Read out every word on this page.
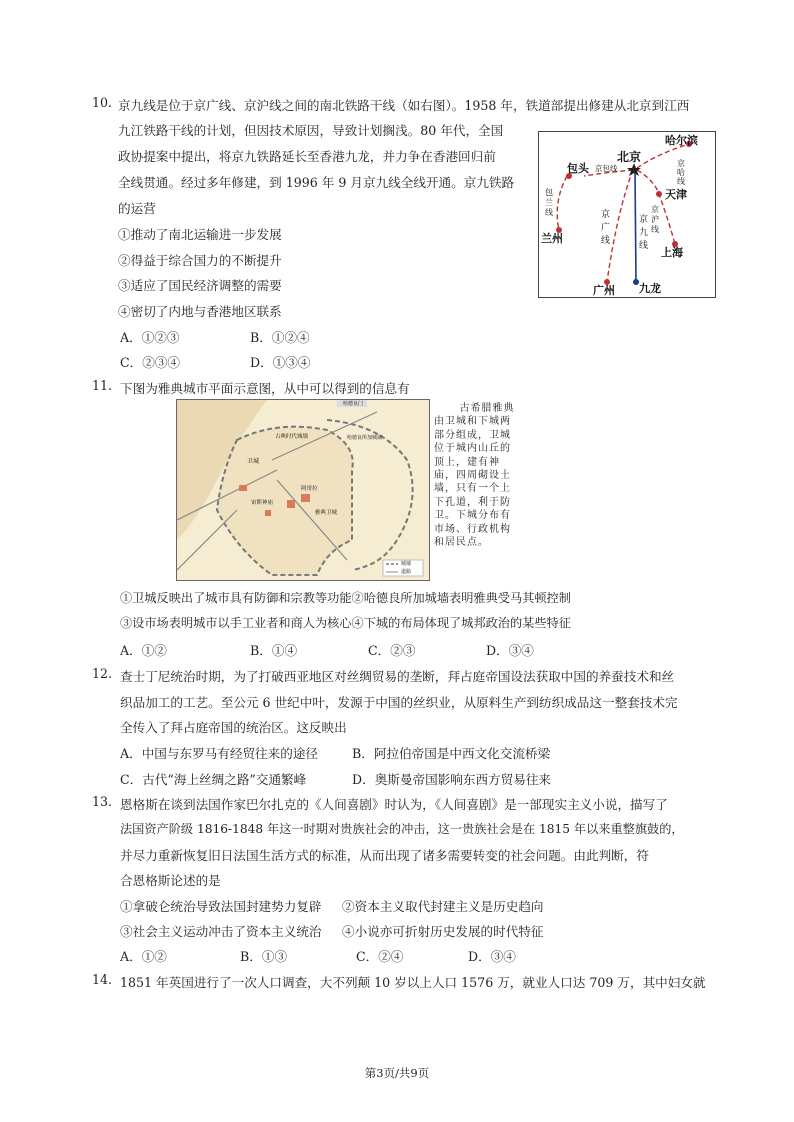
10. 京九线是位于京广线、京沪线之间的南北铁路干线（如右图）。1958 年，铁道部提出修建从北京到江西
九江铁路干线的计划，但因技术原因，导致计划搁浅。80 年代，全国
政协提案中提出，将京九铁路延长至香港九龙，并力争在香港回归前
全线贯通。经过多年修建，到 1996 年 9 月京九线全线开通。京九铁路
的运营
①推动了南北运输进一步发展
②得益于综合国力的不断提升
③适应了国民经济调整的需要
④密切了内地与香港地区联系
A．①②③	B．①②④
C．②③④	D．①③④
北京
哈尔滨
包头 京包线
天津
兰州
上海
广州 九龙
包
兰
线	京
广
线
京
九
线
京
沪
线
京
哈
线
11. 下图为雅典城市平面示意图，从中可以得到的信息有
哈德良门
古典时代城墙
卫城
宙斯神庙
哈德良所加城墙
阿哥拉
雅典卫城
城墙
道路
古希腊雅典
由卫城和下城两
部分组成，卫城
位于城内山丘的
顶上，建有神
庙，四周砌设土
墙，只有一个上
下孔道，利于防
卫。下城分布有
市场、行政机构
和居民点。
①卫城反映出了城市具有防御和宗教等功能②哈德良所加城墙表明雅典受马其顿控制
③设市场表明城市以手工业者和商人为核心④下城的布局体现了城邦政治的某些特征
A．①②	B．①④	C．②③	D．③④
12. 查士丁尼统治时期，为了打破西亚地区对丝绸贸易的垄断，拜占庭帝国设法获取中国的养蚕技术和丝
织品加工的工艺。至公元 6 世纪中叶，发源于中国的丝织业，从原料生产到纺织成品这一整套技术完
全传入了拜占庭帝国的统治区。这反映出
A．中国与东罗马有经贸往来的途径	B．阿拉伯帝国是中西文化交流桥梁
C．古代“海上丝绸之路”交通繁峰	D．奥斯曼帝国影响东西方贸易往来
13. 恩格斯在谈到法国作家巴尔扎克的《人间喜剧》时认为，《人间喜剧》是一部现实主义小说，描写了
法国资产阶级 1816-1848 年这一时期对贵族社会的冲击，这一贵族社会是在 1815 年以来重整旗鼓的，
并尽力重新恢复旧日法国生活方式的标准，从而出现了诸多需要转变的社会问题。由此判断，符
合恩格斯论述的是
①拿破仑统治导致法国封建势力复辟 ②资本主义取代封建主义是历史趋向
③社会主义运动冲击了资本主义统治 ④小说亦可折射历史发展的时代特征
A．①②	B．①③	C．②④	D．③④
14. 1851 年英国进行了一次人口调查，大不列颠 10 岁以上人口 1576 万，就业人口达 709 万，其中妇女就
第3页/共9页
